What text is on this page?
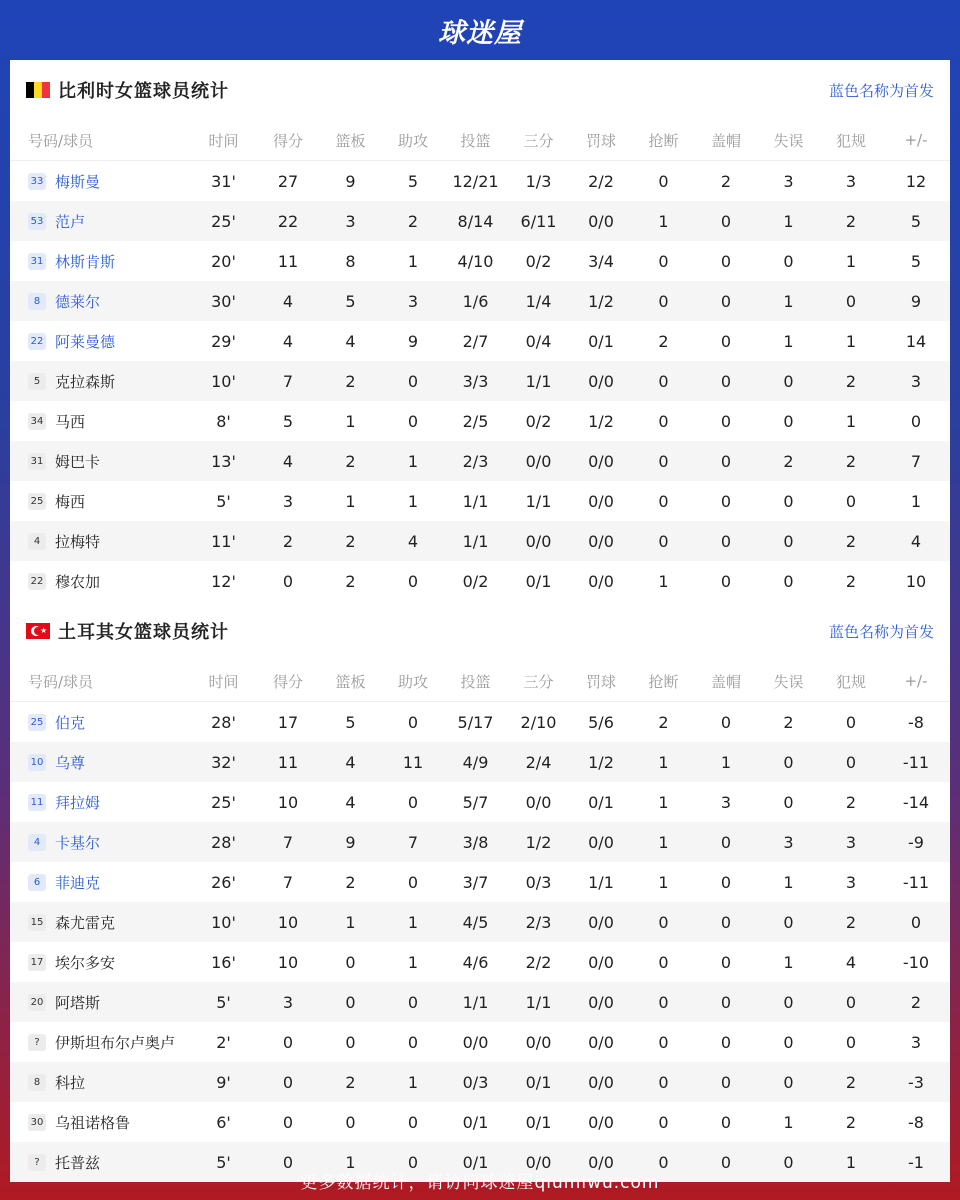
球迷屋
比利时女篮球员统计	蓝色名称为首发
号码/球员	时间	得分	篮板	助攻	投篮	三分	罚球	抢断	盖帽	失误	犯规	+/-
33 梅斯曼	31'	27	9	5	12/21	1/3	2/2	0	2	3	3	12
53 范卢	25'	22	3	2	8/14	6/11	0/0	1	0	1	2	5
31 林斯肯斯	20'	11	8	1	4/10	0/2	3/4	0	0	0	1	5
8 德莱尔	30'	4	5	3	1/6	1/4	1/2	0	0	1	0	9
22 阿莱曼德	29'	4	4	9	2/7	0/4	0/1	2	0	1	1	14
5 克拉森斯	10'	7	2	0	3/3	1/1	0/0	0	0	0	2	3
34 马西	8'	5	1	0	2/5	0/2	1/2	0	0	0	1	0
31 姆巴卡	13'	4	2	1	2/3	0/0	0/0	0	0	2	2	7
25 梅西	5'	3	1	1	1/1	1/1	0/0	0	0	0	0	1
4 拉梅特	11'	2	2	4	1/1	0/0	0/0	0	0	0	2	4
22 穆农加	12'	0	2	0	0/2	0/1	0/0	1	0	0	2	10
★ 土耳其女篮球员统计	蓝色名称为首发
号码/球员	时间	得分	篮板	助攻	投篮	三分	罚球	抢断	盖帽	失误	犯规	+/-
25 伯克	28'	17	5	0	5/17	2/10	5/6	2	0	2	0	-8
10 乌尊	32'	11	4	11	4/9	2/4	1/2	1	1	0	0	-11
11 拜拉姆	25'	10	4	0	5/7	0/0	0/1	1	3	0	2	-14
4 卡基尔	28'	7	9	7	3/8	1/2	0/0	1	0	3	3	-9
6 菲迪克	26'	7	2	0	3/7	0/3	1/1	1	0	1	3	-11
15 森尤雷克	10'	10	1	1	4/5	2/3	0/0	0	0	0	2	0
17 埃尔多安	16'	10	0	1	4/6	2/2	0/0	0	0	1	4	-10
20 阿塔斯	5'	3	0	0	1/1	1/1	0/0	0	0	0	0	2
? 伊斯坦布尔卢奥卢	2'	0	0	0	0/0	0/0	0/0	0	0	0	0	3
8 科拉	9'	0	2	1	0/3	0/1	0/0	0	0	0	2	-3
30 乌祖诺格鲁	6'	0	0	0	0/1	0/1	0/0	0	0	1	2	-8
? 托普兹	5'	0	1	0	0/1	0/0	0/0	0	0	0	1	-1
更多数据统计，请访问球迷屋qiumiwu.com
